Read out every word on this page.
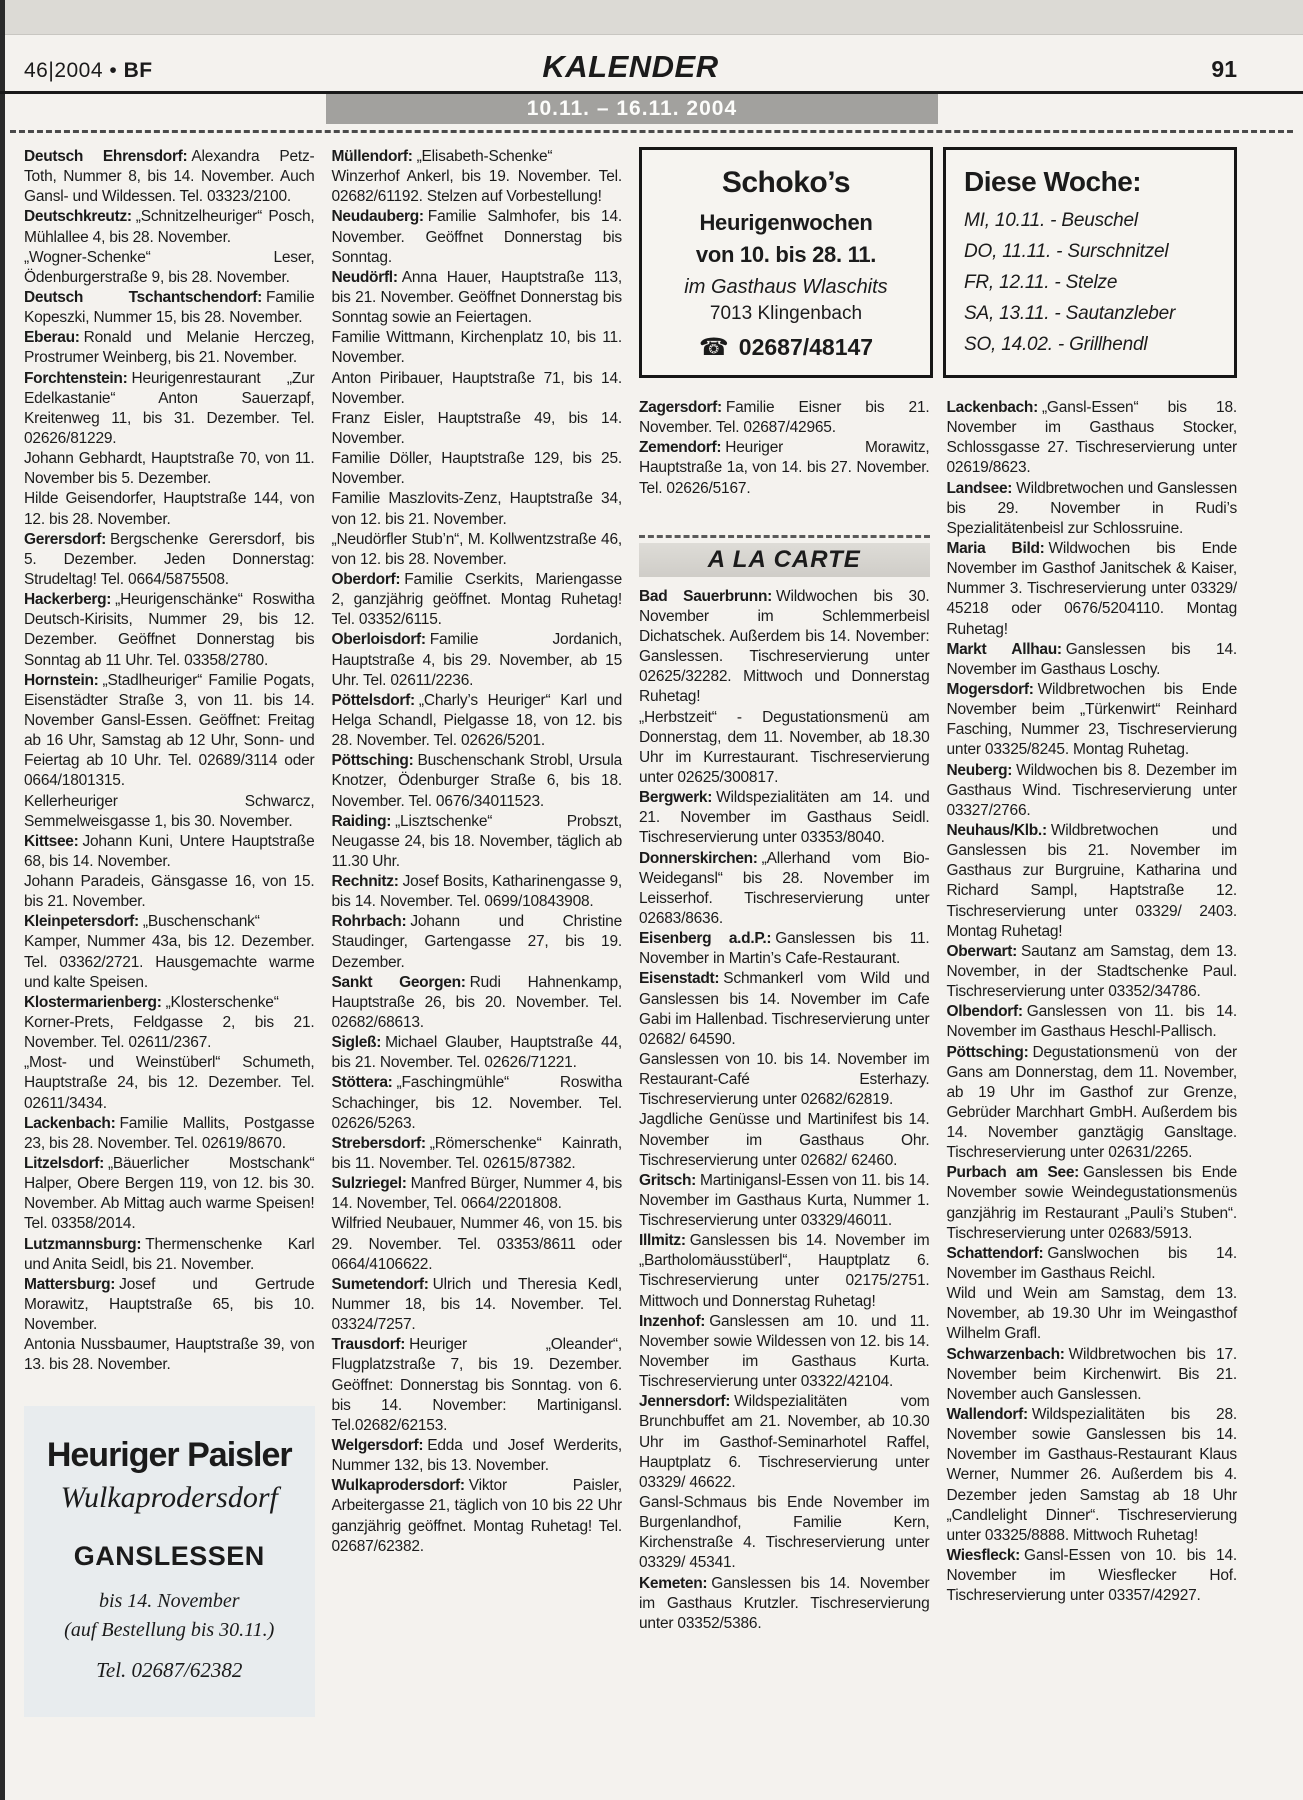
46|2004 • BF	KALENDER	91
10.11. – 16.11. 2004

Deutsch Ehrensdorf: Alexandra Petz-Toth, Nummer 8, bis 14. November. Auch Gansl- und Wildessen. Tel. 03323/2100.

Deutschkreutz: „Schnitzelheuriger“ Posch, Mühlallee 4, bis 28. November.

„Wogner-Schenke“ Leser, Ödenburgerstraße 9, bis 28. November.

Deutsch Tschantschendorf: Familie Kopeszki, Nummer 15, bis 28. November.

Eberau: Ronald und Melanie Herczeg, Prostrumer Weinberg, bis 21. November.

Forchtenstein: Heurigenrestaurant „Zur Edelkastanie“ Anton Sauerzapf, Kreitenweg 11, bis 31. Dezember. Tel. 02626/81229.

Johann Gebhardt, Hauptstraße 70, von 11. November bis 5. Dezember.

Hilde Geisendorfer, Hauptstraße 144, von 12. bis 28. November.

Gerersdorf: Bergschenke Gerersdorf, bis 5. Dezember. Jeden Donnerstag: Strudeltag! Tel. 0664/5875508.

Hackerberg: „Heurigenschänke“ Roswitha Deutsch-Kirisits, Nummer 29, bis 12. Dezember. Geöffnet Donnerstag bis Sonntag ab 11 Uhr. Tel. 03358/2780.

Hornstein: „Stadlheuriger“ Familie Pogats, Eisenstädter Straße 3, von 11. bis 14. November Gansl-Essen. Geöffnet: Freitag ab 16 Uhr, Samstag ab 12 Uhr, Sonn- und Feiertag ab 10 Uhr. Tel. 02689/3114 oder 0664/1801315.

Kellerheuriger Schwarcz, Semmelweisgasse 1, bis 30. November.

Kittsee: Johann Kuni, Untere Hauptstraße 68, bis 14. November.

Johann Paradeis, Gänsgasse 16, von 15. bis 21. November.

Kleinpetersdorf: „Buschenschank“ Kamper, Nummer 43a, bis 12. Dezember. Tel. 03362/2721. Hausgemachte warme und kalte Speisen.

Klostermarienberg: „Klosterschenke“ Korner-Prets, Feldgasse 2, bis 21. November. Tel. 02611/2367.

„Most- und Weinstüberl“ Schumeth, Hauptstraße 24, bis 12. Dezember. Tel. 02611/3434.

Lackenbach: Familie Mallits, Postgasse 23, bis 28. November. Tel. 02619/8670.

Litzelsdorf: „Bäuerlicher Mostschank“ Halper, Obere Bergen 119, von 12. bis 30. November. Ab Mittag auch warme Speisen! Tel. 03358/2014.

Lutzmannsburg: Thermenschenke Karl und Anita Seidl, bis 21. November.

Mattersburg: Josef und Gertrude Morawitz, Hauptstraße 65, bis 10. November.

Antonia Nussbaumer, Hauptstraße 39, von 13. bis 28. November.

Heuriger Paisler

Wulkaprodersdorf

GANSLESSEN

bis 14. November

(auf Bestellung bis 30.11.)

Tel. 02687/62382

Müllendorf: „Elisabeth-Schenke“ Winzerhof Ankerl, bis 19. November. Tel. 02682/61192. Stelzen auf Vorbestellung!

Neudauberg: Familie Salmhofer, bis 14. November. Geöffnet Donnerstag bis Sonntag.

Neudörfl: Anna Hauer, Hauptstraße 113, bis 21. November. Geöffnet Donnerstag bis Sonntag sowie an Feiertagen.

Familie Wittmann, Kirchenplatz 10, bis 11. November.

Anton Piribauer, Hauptstraße 71, bis 14. November.

Franz Eisler, Hauptstraße 49, bis 14. November.

Familie Döller, Hauptstraße 129, bis 25. November.

Familie Maszlovits-Zenz, Hauptstraße 34, von 12. bis 21. November.

„Neudörfler Stub’n“, M. Kollwentzstraße 46, von 12. bis 28. November.

Oberdorf: Familie Cserkits, Mariengasse 2, ganzjährig geöffnet. Montag Ruhetag! Tel. 03352/6115.

Oberloisdorf: Familie Jordanich, Hauptstraße 4, bis 29. November, ab 15 Uhr. Tel. 02611/2236.

Pöttelsdorf: „Charly’s Heuriger“ Karl und Helga Schandl, Pielgasse 18, von 12. bis 28. November. Tel. 02626/5201.

Pöttsching: Buschenschank Strobl, Ursula Knotzer, Ödenburger Straße 6, bis 18. November. Tel. 0676/34011523.

Raiding: „Lisztschenke“ Probszt, Neugasse 24, bis 18. November, täglich ab 11.30 Uhr.

Rechnitz: Josef Bosits, Katharinengasse 9, bis 14. November. Tel. 0699/10843908.

Rohrbach: Johann und Christine Staudinger, Gartengasse 27, bis 19. Dezember.

Sankt Georgen: Rudi Hahnenkamp, Hauptstraße 26, bis 20. November. Tel. 02682/68613.

Sigleß: Michael Glauber, Hauptstraße 44, bis 21. November. Tel. 02626/71221.

Stöttera: „Faschingmühle“ Roswitha Schachinger, bis 12. November. Tel. 02626/5263.

Strebersdorf: „Römerschenke“ Kainrath, bis 11. November. Tel. 02615/87382.

Sulzriegel: Manfred Bürger, Nummer 4, bis 14. November, Tel. 0664/2201808.

Wilfried Neubauer, Nummer 46, von 15. bis 29. November. Tel. 03353/8611 oder 0664/4106622.

Sumetendorf: Ulrich und Theresia Kedl, Nummer 18, bis 14. November. Tel. 03324/7257.

Trausdorf: Heuriger „Oleander“, Flugplatzstraße 7, bis 19. Dezember. Geöffnet: Donnerstag bis Sonntag. von 6. bis 14. November: Martinigansl. Tel.02682/62153.

Welgersdorf: Edda und Josef Werderits, Nummer 132, bis 13. November.

Wulkaprodersdorf: Viktor Paisler, Arbeitergasse 21, täglich von 10 bis 22 Uhr ganzjährig geöffnet. Montag Ruhetag! Tel. 02687/62382.

Schoko’s

Heurigenwochen

von 10. bis 28. 11.

im Gasthaus Wlaschits

7013 Klingenbach

☎ 02687/48147

Diese Woche:

MI, 10.11. - Beuschel

DO, 11.11. - Surschnitzel

FR, 12.11. - Stelze

SA, 13.11. - Sautanzleber

SO, 14.02. - Grillhendl

Zagersdorf: Familie Eisner bis 21. November. Tel. 02687/42965.

Zemendorf: Heuriger Morawitz, Hauptstraße 1a, von 14. bis 27. November. Tel. 02626/5167.

A LA CARTE

Bad Sauerbrunn: Wildwochen bis 30. November im Schlemmerbeisl Dichatschek. Außerdem bis 14. November: Ganslessen. Tischreservierung unter 02625/32282. Mittwoch und Donnerstag Ruhetag!

„Herbstzeit“ - Degustationsmenü am Donnerstag, dem 11. November, ab 18.30 Uhr im Kurrestaurant. Tischreservierung unter 02625/300817.

Bergwerk: Wildspezialitäten am 14. und 21. November im Gasthaus Seidl. Tischreservierung unter 03353/8040.

Donnerskirchen: „Allerhand vom Bio-Weidegansl“ bis 28. November im Leisserhof. Tischreservierung unter 02683/8636.

Eisenberg a.d.P.: Ganslessen bis 11. November in Martin’s Cafe-Restaurant.

Eisenstadt: Schmankerl vom Wild und Ganslessen bis 14. November im Cafe Gabi im Hallenbad. Tischreservierung unter 02682/ 64590.

Ganslessen von 10. bis 14. November im Restaurant-Café Esterhazy. Tischreservierung unter 02682/62819.

Jagdliche Genüsse und Martinifest bis 14. November im Gasthaus Ohr. Tischreservierung unter 02682/ 62460.

Gritsch: Martinigansl-Essen von 11. bis 14. November im Gasthaus Kurta, Nummer 1. Tischreservierung unter 03329/46011.

Illmitz: Ganslessen bis 14. November im „Bartholomäusstüberl“, Hauptplatz 6. Tischreservierung unter 02175/2751. Mittwoch und Donnerstag Ruhetag!

Inzenhof: Ganslessen am 10. und 11. November sowie Wildessen von 12. bis 14. November im Gasthaus Kurta. Tischreservierung unter 03322/42104.

Jennersdorf: Wildspezialitäten vom Brunchbuffet am 21. November, ab 10.30 Uhr im Gasthof-Seminarhotel Raffel, Hauptplatz 6. Tischreservierung unter 03329/ 46622.

Gansl-Schmaus bis Ende November im Burgenlandhof, Familie Kern, Kirchenstraße 4. Tischreservierung unter 03329/ 45341.

Kemeten: Ganslessen bis 14. November im Gasthaus Krutzler. Tischreservierung unter 03352/5386.

Lackenbach: „Gansl-Essen“ bis 18. November im Gasthaus Stocker, Schlossgasse 27. Tischreservierung unter 02619/8623.

Landsee: Wildbretwochen und Ganslessen bis 29. November in Rudi’s Spezialitätenbeisl zur Schlossruine.

Maria Bild: Wildwochen bis Ende November im Gasthof Janitschek & Kaiser, Nummer 3. Tischreservierung unter 03329/ 45218 oder 0676/5204110. Montag Ruhetag!

Markt Allhau: Ganslessen bis 14. November im Gasthaus Loschy.

Mogersdorf: Wildbretwochen bis Ende November beim „Türkenwirt“ Reinhard Fasching, Nummer 23, Tischreservierung unter 03325/8245. Montag Ruhetag.

Neuberg: Wildwochen bis 8. Dezember im Gasthaus Wind. Tischreservierung unter 03327/2766.

Neuhaus/Klb.: Wildbretwochen und Ganslessen bis 21. November im Gasthaus zur Burgruine, Katharina und Richard Sampl, Haptstraße 12. Tischreservierung unter 03329/ 2403. Montag Ruhetag!

Oberwart: Sautanz am Samstag, dem 13. November, in der Stadtschenke Paul. Tischreservierung unter 03352/34786.

Olbendorf: Ganslessen von 11. bis 14. November im Gasthaus Heschl-Pallisch.

Pöttsching: Degustationsmenü von der Gans am Donnerstag, dem 11. November, ab 19 Uhr im Gasthof zur Grenze, Gebrüder Marchhart GmbH. Außerdem bis 14. November ganztägig Gansltage. Tischreservierung unter 02631/2265.

Purbach am See: Ganslessen bis Ende November sowie Weindegustationsmenüs ganzjährig im Restaurant „Pauli’s Stuben“. Tischreservierung unter 02683/5913.

Schattendorf: Ganslwochen bis 14. November im Gasthaus Reichl.

Wild und Wein am Samstag, dem 13. November, ab 19.30 Uhr im Weingasthof Wilhelm Grafl.

Schwarzenbach: Wildbretwochen bis 17. November beim Kirchenwirt. Bis 21. November auch Ganslessen.

Wallendorf: Wildspezialitäten bis 28. November sowie Ganslessen bis 14. November im Gasthaus-Restaurant Klaus Werner, Nummer 26. Außerdem bis 4. Dezember jeden Samstag ab 18 Uhr „Candlelight Dinner“. Tischreservierung unter 03325/8888. Mittwoch Ruhetag!

Wiesfleck: Gansl-Essen von 10. bis 14. November im Wiesflecker Hof. Tischreservierung unter 03357/42927.
